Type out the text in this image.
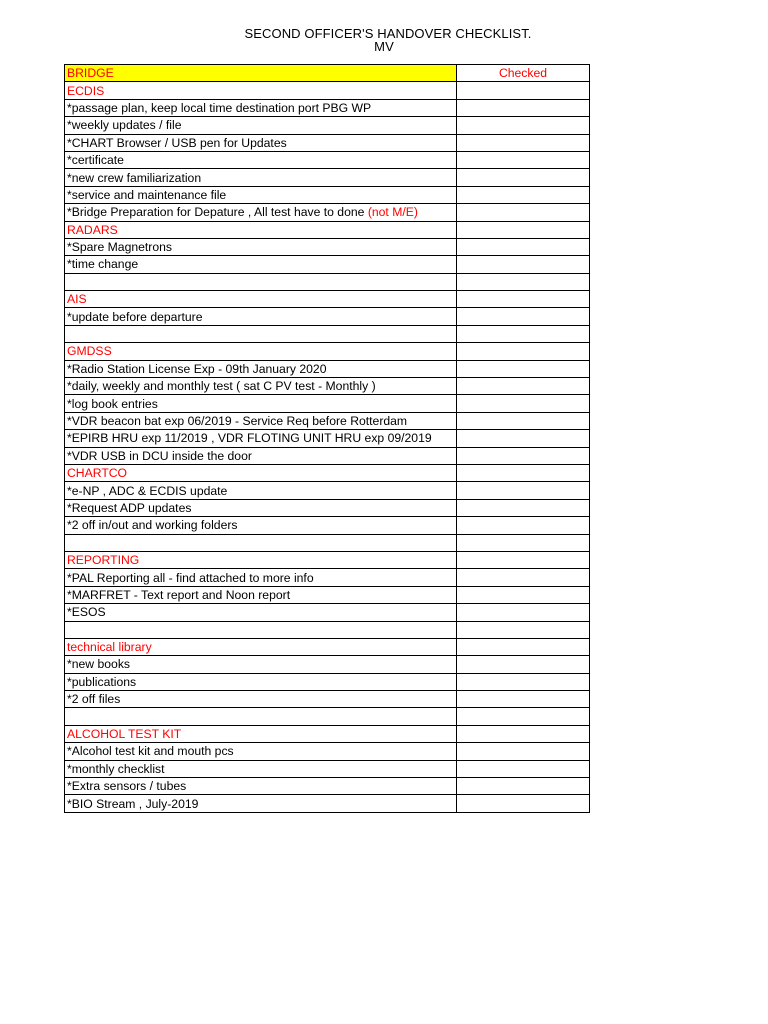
SECOND OFFICER'S HANDOVER CHECKLIST.
MV
BRIDGE	Checked
ECDIS	
*passage plan, keep local time destination port PBG WP	
*weekly updates / file	
*CHART Browser / USB pen for Updates	
*certificate	
*new crew familiarization	
*service and maintenance file	
*Bridge Preparation for Depature , All test have to done (not M/E)	
RADARS	
*Spare Magnetrons	
*time change	

AIS	
*update before departure	

GMDSS	
*Radio Station License Exp - 09th January 2020	
*daily, weekly and monthly test ( sat C PV test - Monthly )	
*log book entries	
*VDR beacon bat exp 06/2019 - Service Req before Rotterdam	
*EPIRB HRU exp 11/2019 , VDR FLOTING UNIT HRU exp 09/2019	
*VDR USB in DCU inside the door	
CHARTCO	
*e-NP , ADC & ECDIS update	
*Request ADP updates	
*2 off in/out and working folders	

REPORTING	
*PAL Reporting all - find attached to more info	
*MARFRET - Text report and Noon report	
*ESOS	

technical library	
*new books	
*publications	
*2 off files	

ALCOHOL TEST KIT	
*Alcohol test kit and mouth pcs	
*monthly checklist	
*Extra sensors / tubes	
*BIO Stream , July-2019	
